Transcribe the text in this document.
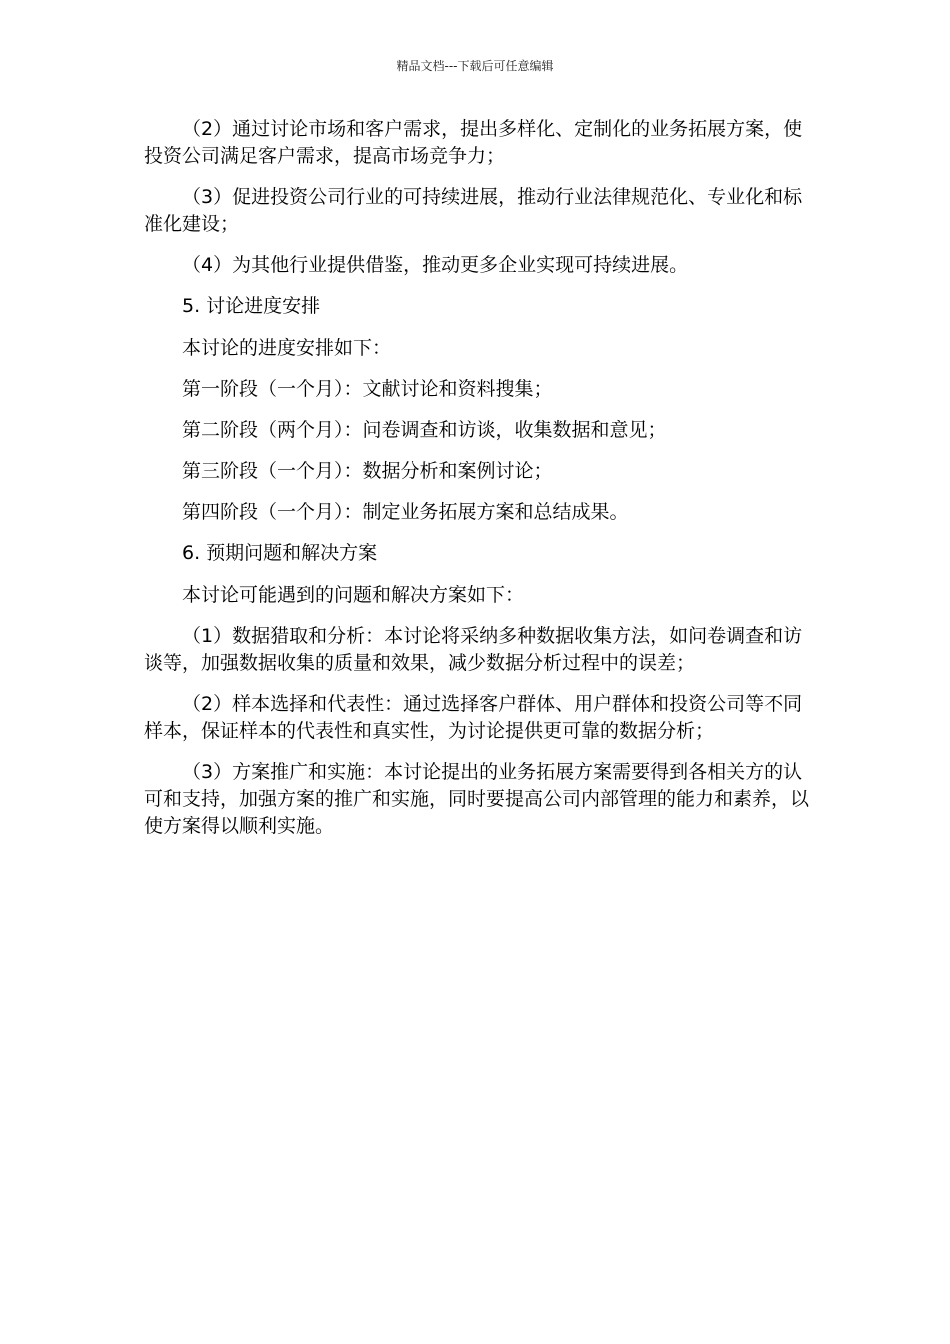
精品文档---下载后可任意编辑

（2）通过讨论市场和客户需求，提出多样化、定制化的业务拓展方案，使投资公司满足客户需求，提高市场竞争力；

（3）促进投资公司行业的可持续进展，推动行业法律规范化、专业化和标准化建设；

（4）为其他行业提供借鉴，推动更多企业实现可持续进展。

5. 讨论进度安排

本讨论的进度安排如下：

第一阶段（一个月）：文献讨论和资料搜集；

第二阶段（两个月）：问卷调查和访谈，收集数据和意见；

第三阶段（一个月）：数据分析和案例讨论；

第四阶段（一个月）：制定业务拓展方案和总结成果。

6. 预期问题和解决方案

本讨论可能遇到的问题和解决方案如下：

（1）数据猎取和分析：本讨论将采纳多种数据收集方法，如问卷调查和访谈等，加强数据收集的质量和效果，减少数据分析过程中的误差；

（2）样本选择和代表性：通过选择客户群体、用户群体和投资公司等不同样本，保证样本的代表性和真实性，为讨论提供更可靠的数据分析；

（3）方案推广和实施：本讨论提出的业务拓展方案需要得到各相关方的认可和支持，加强方案的推广和实施，同时要提高公司内部管理的能力和素养，以使方案得以顺利实施。
